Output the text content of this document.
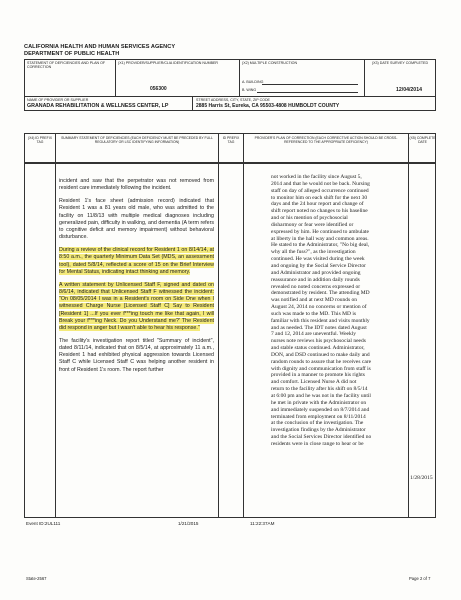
CALIFORNIA HEALTH AND HUMAN SERVICES AGENCY
DEPARTMENT OF PUBLIC HEALTH
STATEMENT OF DEFICIENCIES AND PLAN OF CORRECTION
(X1) PROVIDER/SUPPLIER/CLIA IDENTIFICATION NUMBER
056300
(X2) MULTIPLE CONSTRUCTION
A. BUILDING
B. WING
(X3) DATE SURVEY COMPLETED
12/04/2014
NAME OF PROVIDER OR SUPPLIER
GRANADA REHABILITATION & WELLNESS CENTER, LP
STREET ADDRESS, CITY, STATE, ZIP CODE
2885 Harris St, Eureka, CA 95503-4808 HUMBOLDT COUNTY
(X4) ID PREFIX TAG
SUMMARY STATEMENT OF DEFICIENCIES (EACH DEFICIENCY MUST BE PRECEDED BY FULL REGULATORY OR LSC IDENTIFYING INFORMATION)
ID PREFIX TAG
PROVIDER'S PLAN OF CORRECTION (EACH CORRECTIVE ACTION SHOULD BE CROSS-REFERENCED TO THE APPROPRIATE DEFICIENCY)
(X5) COMPLETE DATE

incident and saw that the perpetrator was not removed from resident care immediately following the incident.

Resident 1's face sheet (admission record) indicated that Resident 1 was a 81 years old male, who was admitted to the facility on 11/8/13 with multiple medical diagnoses including generalized pain, difficulty in walking, and dementia (A term refers to cognitive deficit and memory impairment) without behavioral disturbance.

During a review of the clinical record for Resident 1 on 8/14/14, at 8:50 a.m., the quarterly Minimum Data Set (MDS, an assessment tool), dated 5/8/14, reflected a score of 15 on the Brief Interview for Mental Status, indicating intact thinking and memory.

A written statement by Unlicensed Staff F, signed and dated on 8/6/14, indicated that Unlicensed Staff F witnessed the incident: "On 08/05/2014 I was in a Resident's room on Side One when I witnessed Charge Nurse [Licensed Staff C] Say to Resident [Resident 1] ...If you ever f***ing touch me like that again, I will Break your f***ing Neck. Do you Understand me?' The Resident did respond in anger but I wasn't able to hear his response."

The facility's investigation report titled "Summary of incident", dated 8/11/14, indicated that on 8/5/14, at approximately 11 a.m., Resident 1 had exhibited physical aggression towards Licensed Staff C while Licensed Staff C was helping another resident in front of Resident 1's room. The report further

not worked in the facility since August 5,
2014 and that he would not be back. Nursing
staff on day of alleged occurrence continued
to monitor him on each shift for the next 30
days and the 24 hour report and change of
shift report noted no changes to his baseline
and or his mention of psychosocial
disharmony or fear were identified or
expressed by him. He continued to ambulate
at liberty in the hall way and common areas.
He stated to the Administrator, "No big deal,
why all the fuss?", as the investigation
continued. He was visited during the week
and ongoing by the Social Service Director
and Administrator and provided ongoing
reassurance and in addition daily rounds
revealed no noted concerns expressed or
demonstrated by resident. The attending MD
was notified and at next MD rounds on
August 24, 2014 no concerns or mention of
such was made to the MD. This MD is
familiar with this resident and visits monthly
and as needed. The IDT notes dated August
7 and 12, 2014 are uneventful. Weekly
nurses note reviews his psychosocial needs
and stable status continued. Administrator,
DON, and DSD continued to make daily and
random rounds to assure that he receives care
with dignity and communication from staff is
provided in a manner to promote his rights
and comfort. Licensed Nurse A did not
return to the facility after his shift on 8/5/14
at 6:00 pm and he was not in the facility until
he met in private with the Administrator on
and immediately suspended on 8/7/2014 and
terminated from employment on 8/11/2014
at the conclusion of the investigation. The
investigation findings by the Administrator
and the Social Services Director identified no
residents were in close range to hear or be
1/28/2015
Event ID:2UL111	1/21/2015	11:22:37AM
State-2567	Page 2 of 7
